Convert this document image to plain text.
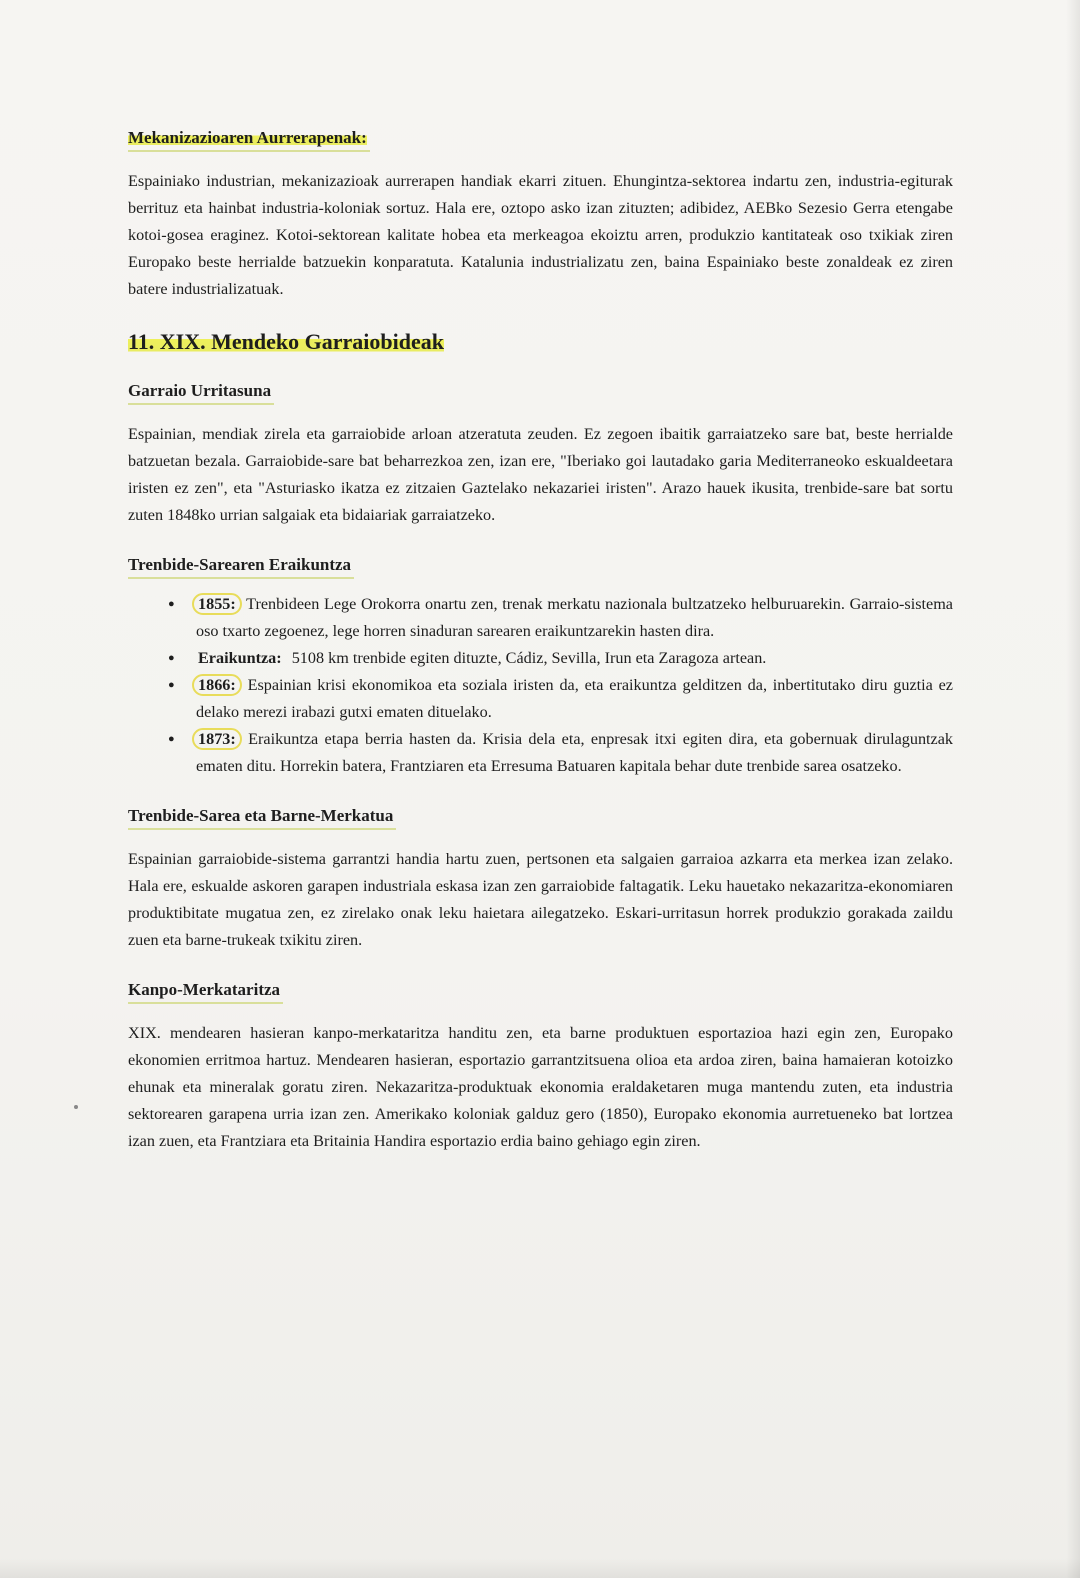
Mekanizazioaren Aurrerapenak:

Espainiako industrian, mekanizazioak aurrerapen handiak ekarri zituen. Ehungintza-sektorea indartu zen, industria-egiturak berrituz eta hainbat industria-koloniak sortuz. Hala ere, oztopo asko izan zituzten; adibidez, AEBko Sezesio Gerra etengabe kotoi-gosea eraginez. Kotoi-sektorean kalitate hobea eta merkeagoa ekoiztu arren, produkzio kantitateak oso txikiak ziren Europako beste herrialde batzuekin konparatuta. Katalunia industrializatu zen, baina Espainiako beste zonaldeak ez ziren batere industrializatuak.

11. XIX. Mendeko Garraiobideak
Garraio Urritasuna

Espainian, mendiak zirela eta garraiobide arloan atzeratuta zeuden. Ez zegoen ibaitik garraiatzeko sare bat, beste herrialde batzuetan bezala. Garraiobide-sare bat beharrezkoa zen, izan ere, "Iberiako goi lautadako garia Mediterraneoko eskualdeetara iristen ez zen", eta "Asturiasko ikatza ez zitzaien Gaztelako nekazariei iristen". Arazo hauek ikusita, trenbide-sare bat sortu zuten 1848ko urrian salgaiak eta bidaiariak garraiatzeko.

Trenbide-Sarearen Eraikuntza
● 1855: Trenbideen Lege Orokorra onartu zen, trenak merkatu nazionala bultzatzeko helburuarekin. Garraio-sistema oso txarto zegoenez, lege horren sinaduran sarearen eraikuntzarekin hasten dira.
● Eraikuntza: 5108 km trenbide egiten dituzte, Cádiz, Sevilla, Irun eta Zaragoza artean.
● 1866: Espainian krisi ekonomikoa eta soziala iristen da, eta eraikuntza gelditzen da, inbertitutako diru guztia ez delako merezi irabazi gutxi ematen dituelako.
● 1873: Eraikuntza etapa berria hasten da. Krisia dela eta, enpresak itxi egiten dira, eta gobernuak dirulaguntzak ematen ditu. Horrekin batera, Frantziaren eta Erresuma Batuaren kapitala behar dute trenbide sarea osatzeko.
Trenbide-Sarea eta Barne-Merkatua

Espainian garraiobide-sistema garrantzi handia hartu zuen, pertsonen eta salgaien garraioa azkarra eta merkea izan zelako. Hala ere, eskualde askoren garapen industriala eskasa izan zen garraiobide faltagatik. Leku hauetako nekazaritza-ekonomiaren produktibitate mugatua zen, ez zirelako onak leku haietara ailegatzeko. Eskari-urritasun horrek produkzio gorakada zaildu zuen eta barne-trukeak txikitu ziren.

Kanpo-Merkataritza

XIX. mendearen hasieran kanpo-merkataritza handitu zen, eta barne produktuen esportazioa hazi egin zen, Europako ekonomien erritmoa hartuz. Mendearen hasieran, esportazio garrantzitsuena olioa eta ardoa ziren, baina hamaieran kotoizko ehunak eta mineralak goratu ziren. Nekazaritza-produktuak ekonomia eraldaketaren muga mantendu zuten, eta industria sektorearen garapena urria izan zen. Amerikako koloniak galduz gero (1850), Europako ekonomia aurretueneko bat lortzea izan zuen, eta Frantziara eta Britainia Handira esportazio erdia baino gehiago egin ziren.
